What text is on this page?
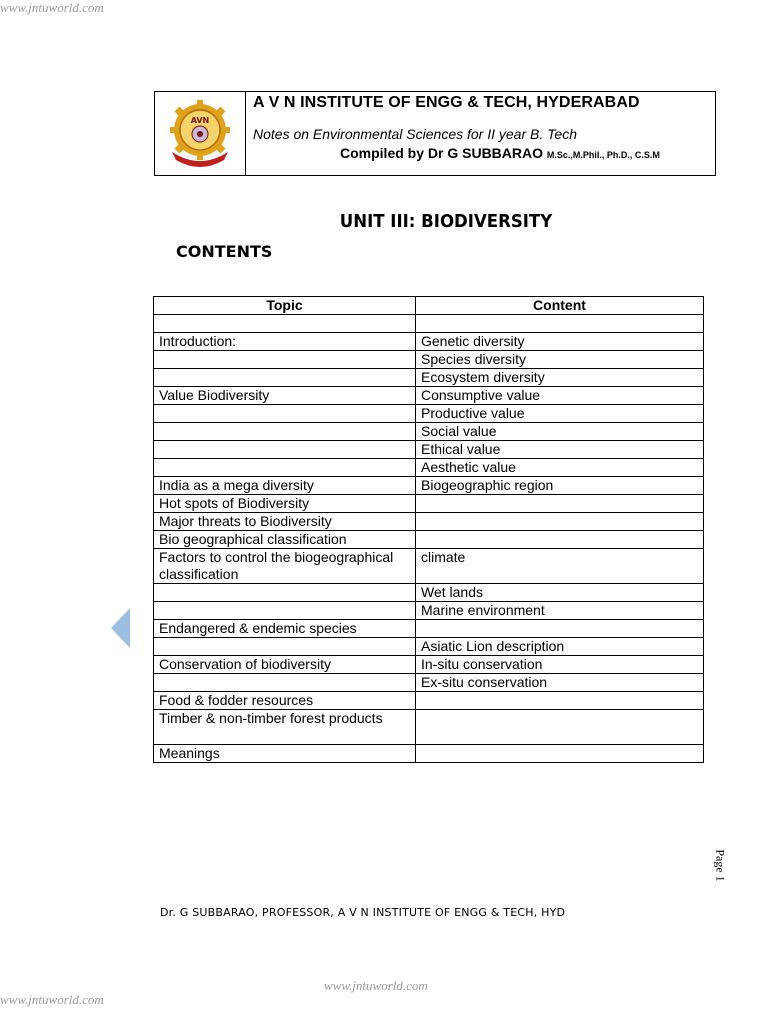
www.jntuworld.com
AVN
A V N INSTITUTE OF ENGG & TECH, HYDERABAD
Notes on Environmental Sciences for II year B. Tech
Compiled by Dr G SUBBARAO M.Sc.,M.Phil., Ph.D., C.S.M
UNIT III: BIODIVERSITY
CONTENTS
Topic	Content

Introduction:	Genetic diversity
	Species diversity
	Ecosystem diversity
Value Biodiversity	Consumptive value
	Productive value
	Social value
	Ethical value
	Aesthetic value
India as a mega diversity	Biogeographic region
Hot spots of Biodiversity	
Major threats to Biodiversity	
Bio geographical classification	
Factors to control the biogeographical classification	climate
	Wet lands
	Marine environment
Endangered & endemic species	
	Asiatic Lion description
Conservation of biodiversity	In-situ conservation
	Ex-situ conservation
Food & fodder resources	
Timber & non-timber forest products	
Meanings	
Page 1
Dr. G SUBBARAO, PROFESSOR, A V N INSTITUTE OF ENGG & TECH, HYD
www.jntuworld.com
www.jntuworld.com
